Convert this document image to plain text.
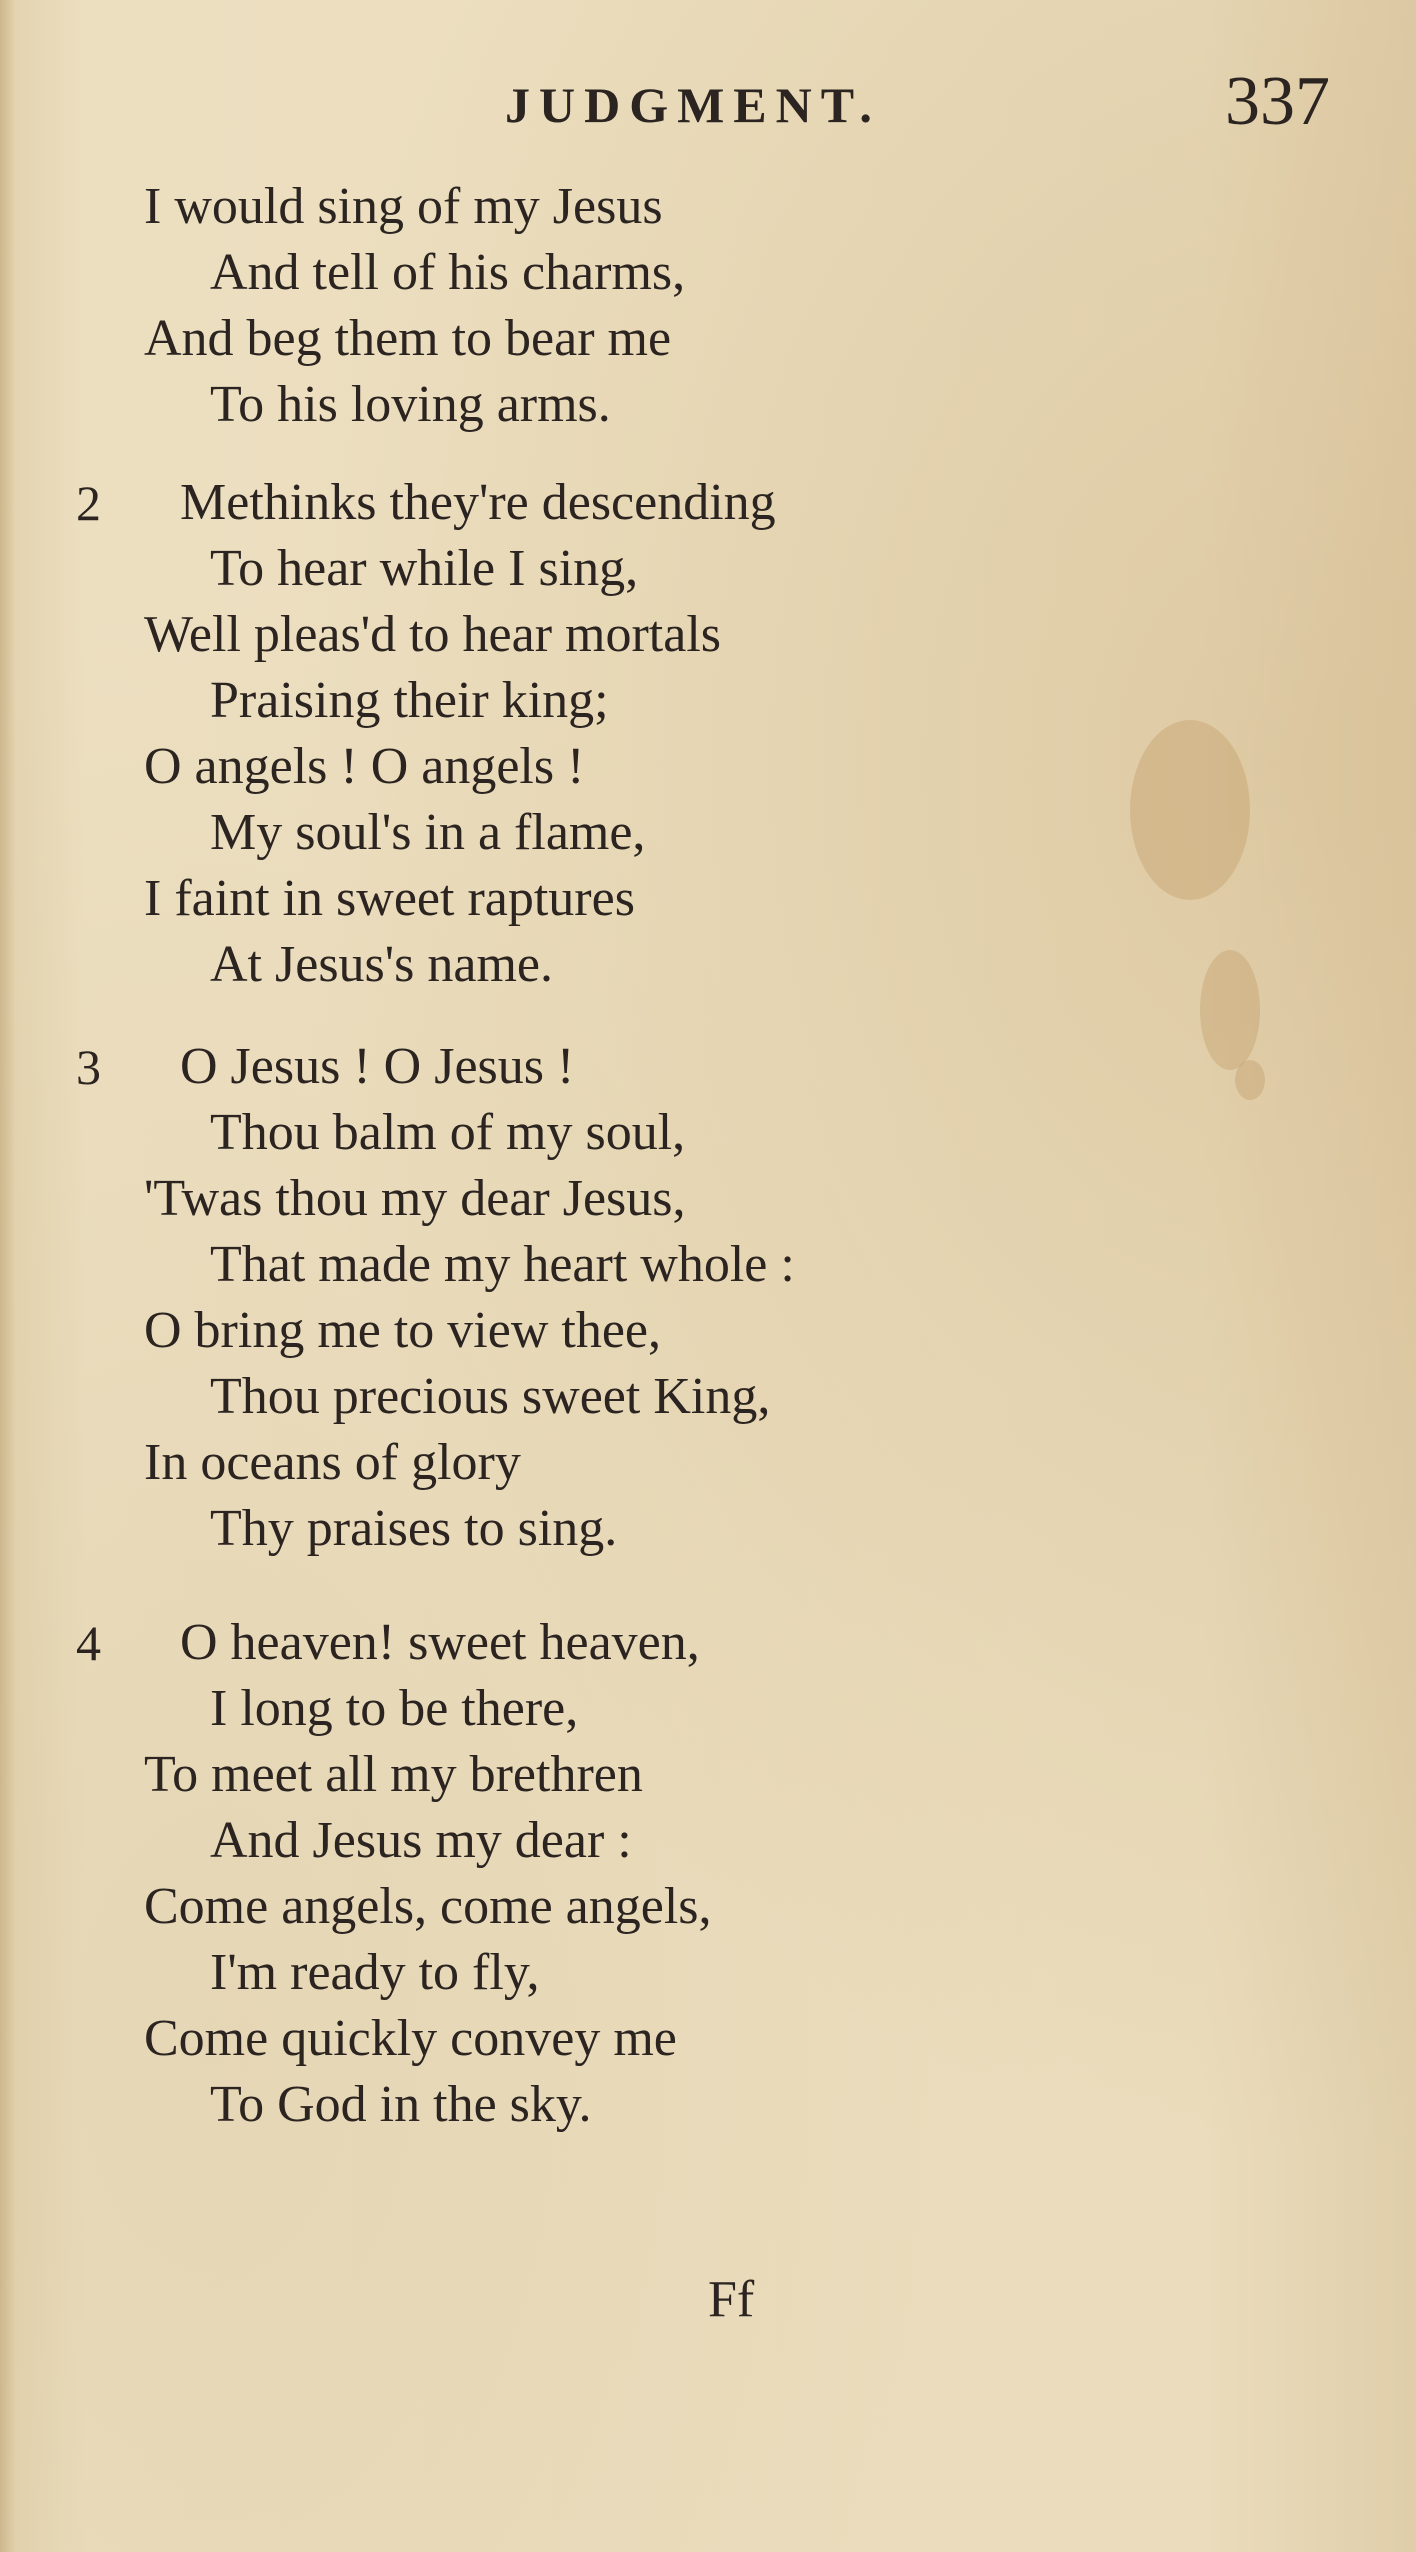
JUDGMENT.	337
I would sing of my Jesus
And tell of his charms,
And beg them to bear me
To his loving arms.
2 Methinks they're descending
To hear while I sing,
Well pleas'd to hear mortals
Praising their king;
O angels ! O angels !
My soul's in a flame,
I faint in sweet raptures
At Jesus's name.
3 O Jesus ! O Jesus !
Thou balm of my soul,
'Twas thou my dear Jesus,
That made my heart whole :
O bring me to view thee,
Thou precious sweet King,
In oceans of glory
Thy praises to sing.
4 O heaven! sweet heaven,
I long to be there,
To meet all my brethren
And Jesus my dear :
Come angels, come angels,
I'm ready to fly,
Come quickly convey me
To God in the sky.
Ff
